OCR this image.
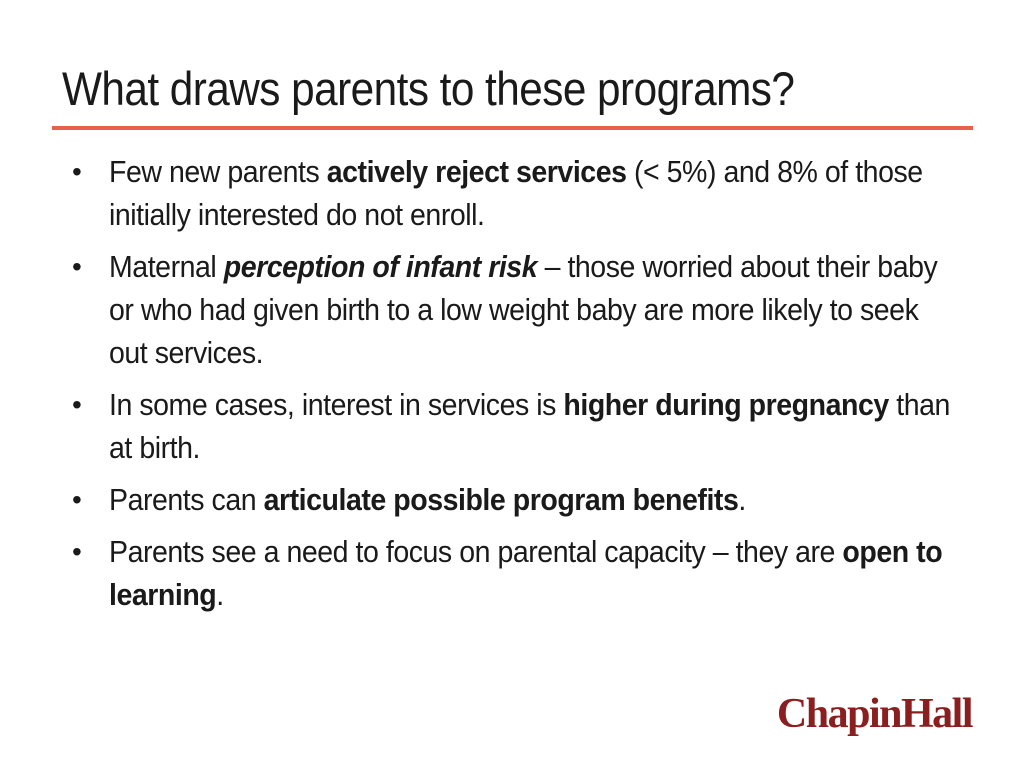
What draws parents to these programs?
• Few new parents actively reject services (< 5%) and 8% of those initially interested do not enroll.
• Maternal perception of infant risk – those worried about their baby or who had given birth to a low weight baby are more likely to seek out services.
• In some cases, interest in services is higher during pregnancy than at birth.
• Parents can articulate possible program benefits.
• Parents see a need to focus on parental capacity – they are open to learning.
ChapinHall
